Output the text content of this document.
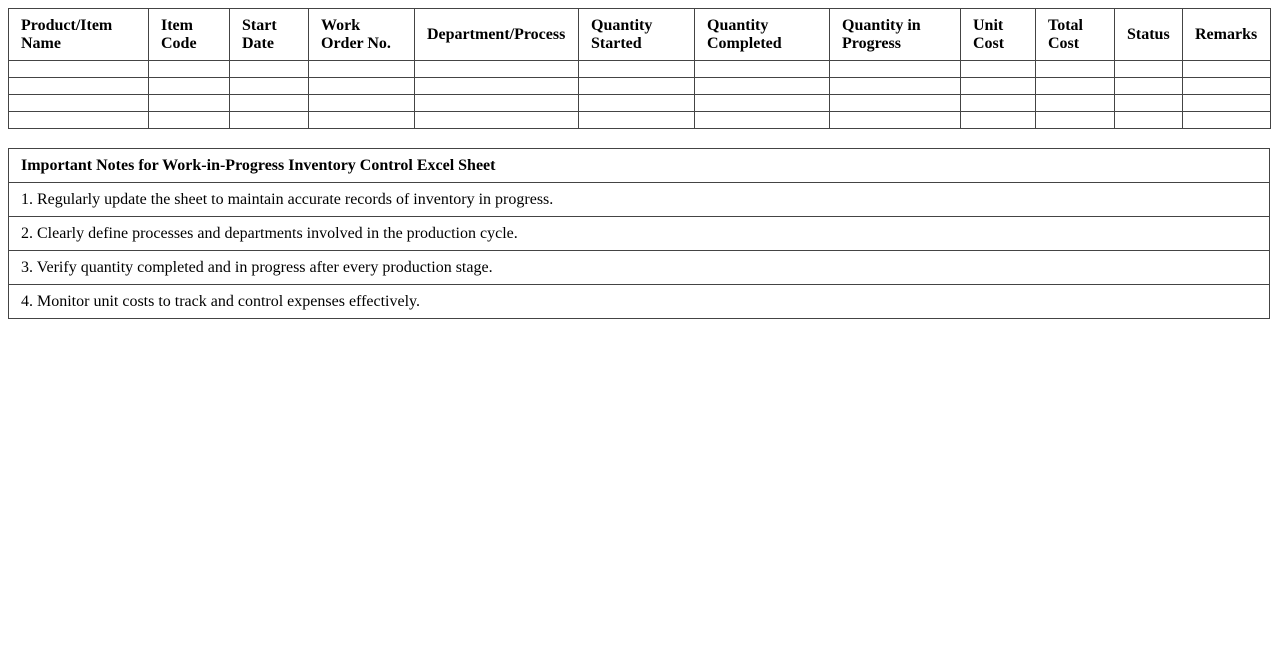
Product/Item Name	Item Code	Start Date	Work Order No.	Department/Process	Quantity Started	Quantity Completed	Quantity in Progress	Unit Cost	Total Cost	Status	Remarks

Important Notes for Work-in-Progress Inventory Control Excel Sheet
1. Regularly update the sheet to maintain accurate records of inventory in progress.
2. Clearly define processes and departments involved in the production cycle.
3. Verify quantity completed and in progress after every production stage.
4. Monitor unit costs to track and control expenses effectively.
